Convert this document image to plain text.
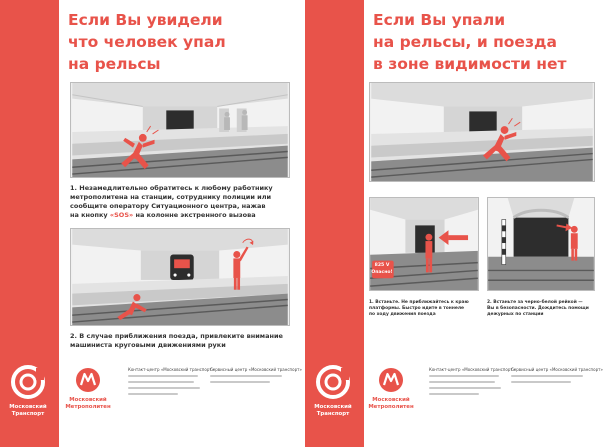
Если Вы увидели
что человек упал
на рельсы
1. Незамедлительно обратитесь к любому работнику
метрополитена на станции, сотруднику полиции или
сообщите оператору Ситуационного центра, нажав
на кнопку «SOS» на колонне экстренного вызова
2. В случае приближения поезда, привлеките внимание
машиниста круговыми движениями руки
Московский
Транспорт
Московский
Метрополитен
Контакт-центр «Московский транспорт»
Сервисный центр «Московский транспорт»
Если Вы упали
на рельсы, и поезда
в зоне видимости нет
825 V
Опасно!
1. Встаньте. Не приближайтесь к краю
платформы. Быстро идите в тоннеле
по ходу движения поезда
2. Встаньте за черно-белой рейкой —
Вы в безопасности. Дождитесь помощи
дежурных по станции
Московский
Транспорт
Московский
Метрополитен
Контакт-центр «Московский транспорт»
Сервисный центр «Московский транспорт»
